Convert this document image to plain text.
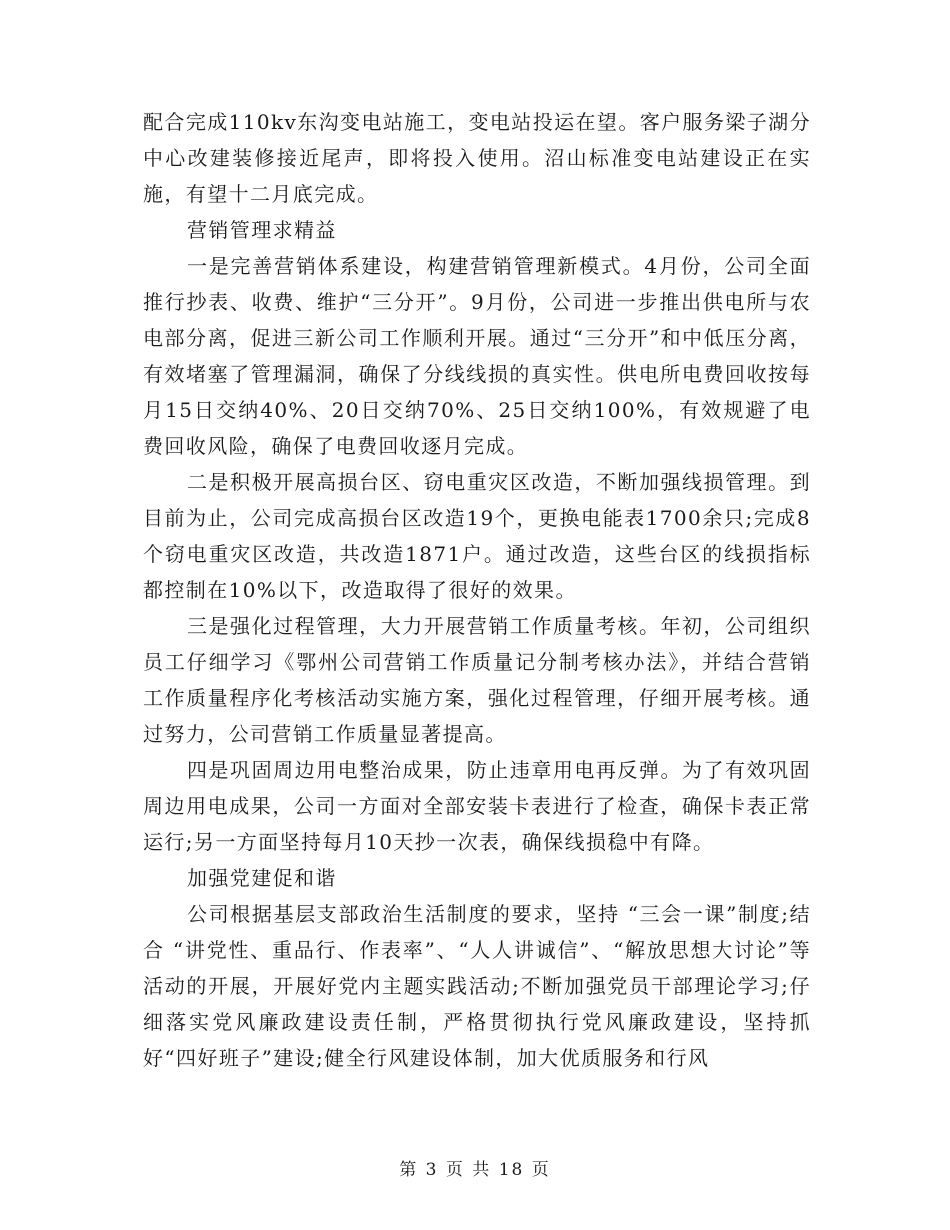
配合完成110kv东沟变电站施工，变电站投运在望。客户服务梁子湖分中心改建装修接近尾声，即将投入使用。沼山标准变电站建设正在实施，有望十二月底完成。

营销管理求精益

一是完善营销体系建设，构建营销管理新模式。4月份，公司全面推行抄表、收费、维护“三分开”。9月份，公司进一步推出供电所与农电部分离，促进三新公司工作顺利开展。通过“三分开”和中低压分离，有效堵塞了管理漏洞，确保了分线线损的真实性。供电所电费回收按每月15日交纳40%、20日交纳70%、25日交纳100%，有效规避了电费回收风险，确保了电费回收逐月完成。

二是积极开展高损台区、窃电重灾区改造，不断加强线损管理。到目前为止，公司完成高损台区改造19个，更换电能表1700余只;完成8个窃电重灾区改造，共改造1871户。通过改造，这些台区的线损指标都控制在10%以下，改造取得了很好的效果。

三是强化过程管理，大力开展营销工作质量考核。年初，公司组织员工仔细学习《鄂州公司营销工作质量记分制考核办法》，并结合营销工作质量程序化考核活动实施方案，强化过程管理，仔细开展考核。通过努力，公司营销工作质量显著提高。

四是巩固周边用电整治成果，防止违章用电再反弹。为了有效巩固周边用电成果，公司一方面对全部安装卡表进行了检查，确保卡表正常运行;另一方面坚持每月10天抄一次表，确保线损稳中有降。

加强党建促和谐

公司根据基层支部政治生活制度的要求，坚持 “三会一课”制度;结合 “讲党性、重品行、作表率”、“人人讲诚信”、“解放思想大讨论”等活动的开展，开展好党内主题实践活动;不断加强党员干部理论学习;仔细落实党风廉政建设责任制，严格贯彻执行党风廉政建设，坚持抓好“四好班子”建设;健全行风建设体制，加大优质服务和行风

第 3 页 共 18 页
